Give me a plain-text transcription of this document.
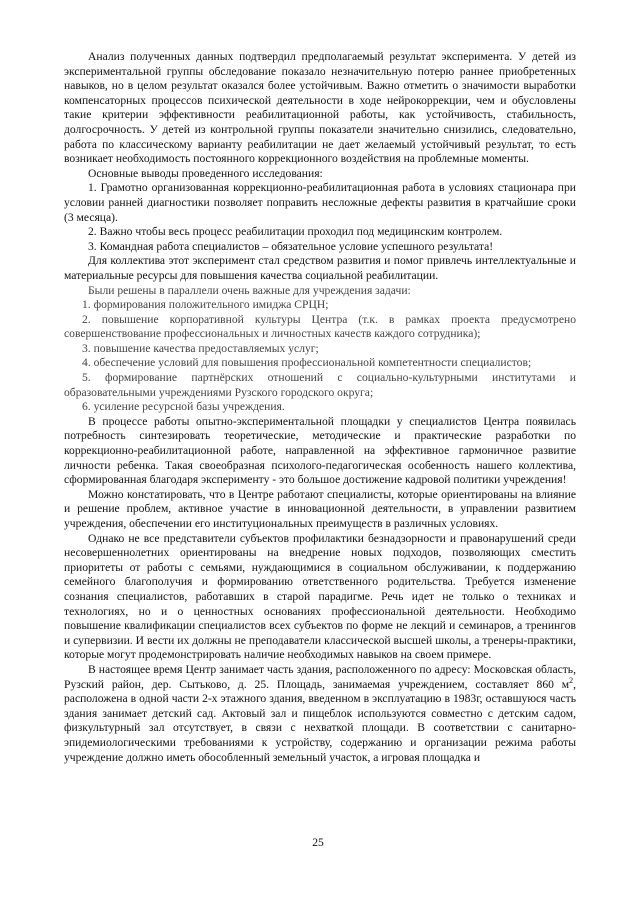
Анализ полученных данных подтвердил предполагаемый результат эксперимента. У детей из экспериментальной группы обследование показало незначительную потерю раннее приобретенных навыков, но в целом результат оказался более устойчивым. Важно отметить о значимости выработки компенсаторных процессов психической деятельности в ходе нейрокоррекции, чем и обусловлены такие критерии эффективности реабилитационной работы, как устойчивость, стабильность, долгосрочность. У детей из контрольной группы показатели значительно снизились, следовательно, работа по классическому варианту реабилитации не дает желаемый устойчивый результат, то есть возникает необходимость постоянного коррекционного воздействия на проблемные моменты.

Основные выводы проведенного исследования:

1. Грамотно организованная коррекционно-реабилитационная работа в условиях стационара при условии ранней диагностики позволяет поправить несложные дефекты развития в кратчайшие сроки (3 месяца).

2. Важно чтобы весь процесс реабилитации проходил под медицинским контролем.

3. Командная работа специалистов – обязательное условие успешного результата!

Для коллектива этот эксперимент стал средством развития и помог привлечь интеллектуальные и материальные ресурсы для повышения качества социальной реабилитации.

Были решены в параллели очень важные для учреждения задачи:

1. формирования положительного имиджа СРЦН;

2. повышение корпоративной культуры Центра (т.к. в рамках проекта предусмотрено совершенствование профессиональных и личностных качеств каждого сотрудника);

3. повышение качества предоставляемых услуг;

4. обеспечение условий для повышения профессиональной компетентности специалистов;

5. формирование партнёрских отношений с социально-культурными институтами и образовательными учреждениями Рузского городского округа;

6. усиление ресурсной базы учреждения.

В процессе работы опытно-экспериментальной площадки у специалистов Центра появилась потребность синтезировать теоретические, методические и практические разработки по коррекционно-реабилитационной работе, направленной на эффективное гармоничное развитие личности ребенка. Такая своеобразная психолого-педагогическая особенность нашего коллектива, сформированная благодаря эксперименту - это большое достижение кадровой политики учреждения!

Можно констатировать, что в Центре работают специалисты, которые ориентированы на влияние и решение проблем, активное участие в инновационной деятельности, в управлении развитием учреждения, обеспечении его институциональных преимуществ в различных условиях.

Однако не все представители субъектов профилактики безнадзорности и правонарушений среди несовершеннолетних ориентированы на внедрение новых подходов, позволяющих сместить приоритеты от работы с семьями, нуждающимися в социальном обслуживании, к поддержанию семейного благополучия и формированию ответственного родительства. Требуется изменение сознания специалистов, работавших в старой парадигме. Речь идет не только о техниках и технологиях, но и о ценностных основаниях профессиональной деятельности. Необходимо повышение квалификации специалистов всех субъектов по форме не лекций и семинаров, а тренингов и супервизии. И вести их должны не преподаватели классической высшей школы, а тренеры-практики, которые могут продемонстрировать наличие необходимых навыков на своем примере.

В настоящее время Центр занимает часть здания, расположенного по адресу: Московская область, Рузский район, дер. Сытьково, д. 25. Площадь, занимаемая учреждением, составляет 860 $м^2$, расположена в одной части 2-х этажного здания, введенном в эксплуатацию в 1983г, оставшуюся часть здания занимает детский сад. Актовый зал и пищеблок используются совместно с детским садом, физкультурный зал отсутствует, в связи с нехваткой площади. В соответствии с санитарно-эпидемиологическими требованиями к устройству, содержанию и организации режима работы учреждение должно иметь обособленный земельный участок, а игровая площадка и

25
